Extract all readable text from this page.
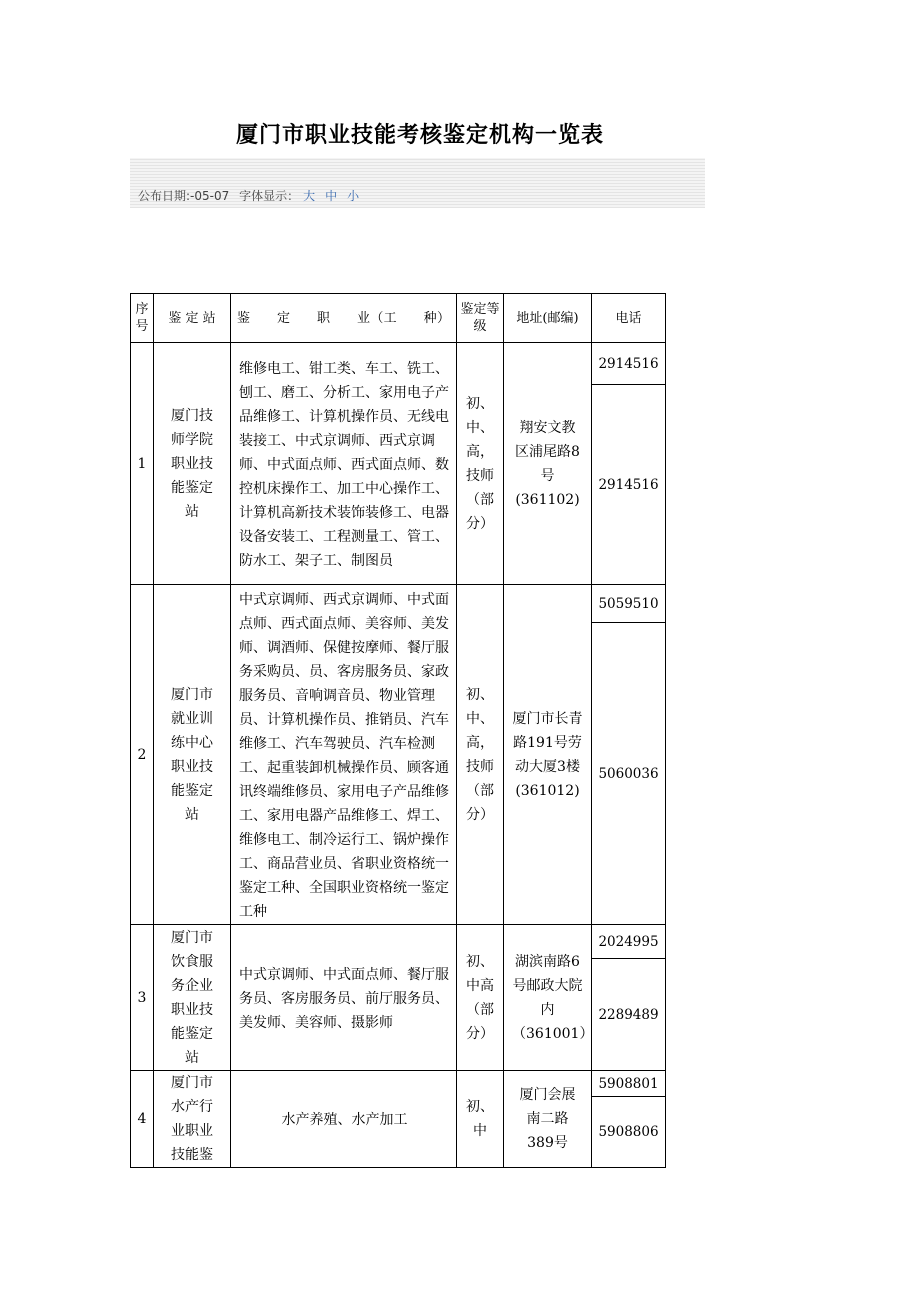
厦门市职业技能考核鉴定机构一览表
公布日期:-05-07 字体显示： 大 中 小
序号	鉴 定 站	鉴　　定　　职　　业（工　　种）	鉴定等级	地址(邮编)	电话
1	厦门技师学院职业技能鉴定站	维修电工、钳工类、车工、铣工、刨工、磨工、分析工、家用电子产品维修工、计算机操作员、无线电装接工、中式京调师、西式京调师、中式面点师、西式面点师、数控机床操作工、加工中心操作工、计算机高新技术装饰装修工、电器设备安装工、工程测量工、管工、防水工、架子工、制图员	初、中、高，技师（部分）	翔安文教区浦尾路8号(361102)	2914516
					2914516
2	厦门市就业训练中心职业技能鉴定站	中式京调师、西式京调师、中式面点师、西式面点师、美容师、美发师、调酒师、保健按摩师、餐厅服务采购员、员、客房服务员、家政服务员、音响调音员、物业管理员、计算机操作员、推销员、汽车维修工、汽车驾驶员、汽车检测工、起重装卸机械操作员、顾客通讯终端维修员、家用电子产品维修工、家用电器产品维修工、焊工、维修电工、制冷运行工、锅炉操作工、商品营业员、省职业资格统一鉴定工种、全国职业资格统一鉴定工种	初、中、高，技师（部分）	厦门市长青路191号劳动大厦3楼(361012)	5059510
					5060036
3	厦门市饮食服务企业职业技能鉴定站	中式京调师、中式面点师、餐厅服务员、客房服务员、前厅服务员、美发师、美容师、摄影师	初、中高（部分）	湖滨南路6号邮政大院内（361001）	2024995
					2289489
4	厦门市水产行业职业技能鉴	水产养殖、水产加工	初、中	厦门会展南二路389号	5908801
					5908806
